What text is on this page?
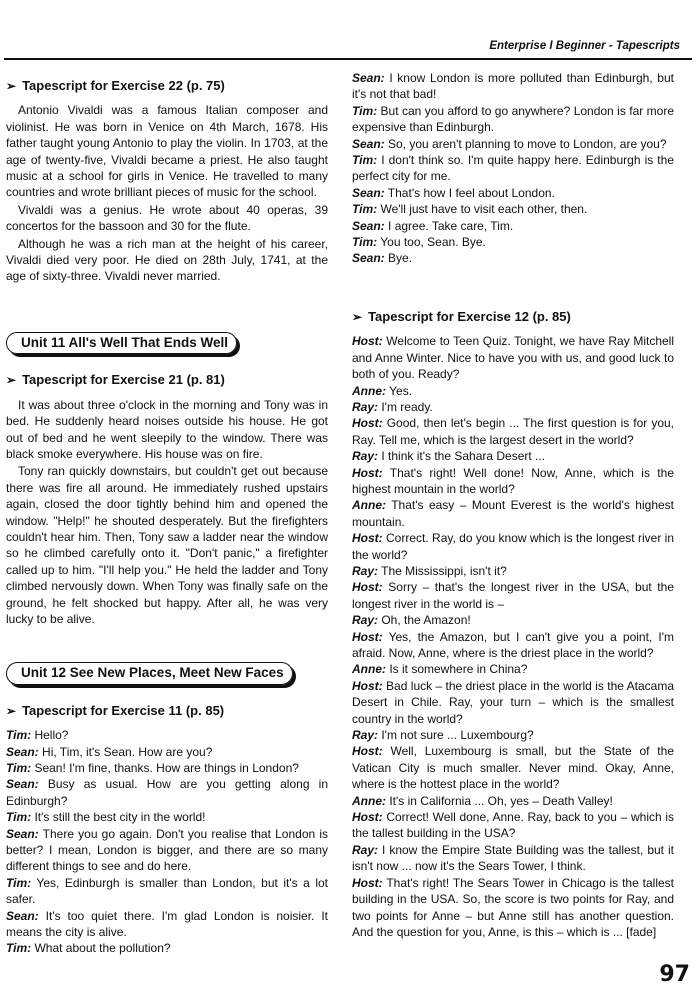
Enterprise I Beginner - Tapescripts
➢ Tapescript for Exercise 22 (p. 75)

Antonio Vivaldi was a famous Italian composer and violinist. He was born in Venice on 4th March, 1678. His father taught young Antonio to play the violin. In 1703, at the age of twenty-five, Vivaldi became a priest. He also taught music at a school for girls in Venice. He travelled to many countries and wrote brilliant pieces of music for the school.

Vivaldi was a genius. He wrote about 40 operas, 39 concertos for the bassoon and 30 for the flute.

Although he was a rich man at the height of his career, Vivaldi died very poor. He died on 28th July, 1741, at the age of sixty-three. Vivaldi never married.

Unit 11 All's Well That Ends Well
➢ Tapescript for Exercise 21 (p. 81)

It was about three o'clock in the morning and Tony was in bed. He suddenly heard noises outside his house. He got out of bed and he went sleepily to the window. There was black smoke everywhere. His house was on fire.

Tony ran quickly downstairs, but couldn't get out because there was fire all around. He immediately rushed upstairs again, closed the door tightly behind him and opened the window. "Help!" he shouted desperately. But the firefighters couldn't hear him. Then, Tony saw a ladder near the window so he climbed carefully onto it. "Don't panic," a firefighter called up to him. "I'll help you." He held the ladder and Tony climbed nervously down. When Tony was finally safe on the ground, he felt shocked but happy. After all, he was very lucky to be alive.

Unit 12 See New Places, Meet New Faces
➢ Tapescript for Exercise 11 (p. 85)

Tim: Hello?

Sean: Hi, Tim, it's Sean. How are you?

Tim: Sean! I'm fine, thanks. How are things in London?

Sean: Busy as usual. How are you getting along in Edinburgh?

Tim: It's still the best city in the world!

Sean: There you go again. Don't you realise that London is better? I mean, London is bigger, and there are so many different things to see and do here.

Tim: Yes, Edinburgh is smaller than London, but it's a lot safer.

Sean: It's too quiet there. I'm glad London is noisier. It means the city is alive.

Tim: What about the pollution?

Sean: I know London is more polluted than Edinburgh, but it's not that bad!

Tim: But can you afford to go anywhere? London is far more expensive than Edinburgh.

Sean: So, you aren't planning to move to London, are you?

Tim: I don't think so. I'm quite happy here. Edinburgh is the perfect city for me.

Sean: That's how I feel about London.

Tim: We'll just have to visit each other, then.

Sean: I agree. Take care, Tim.

Tim: You too, Sean. Bye.

Sean: Bye.

➢ Tapescript for Exercise 12 (p. 85)

Host: Welcome to Teen Quiz. Tonight, we have Ray Mitchell and Anne Winter. Nice to have you with us, and good luck to both of you. Ready?

Anne: Yes.

Ray: I'm ready.

Host: Good, then let's begin ... The first question is for you, Ray. Tell me, which is the largest desert in the world?

Ray: I think it's the Sahara Desert ...

Host: That's right! Well done! Now, Anne, which is the highest mountain in the world?

Anne: That's easy – Mount Everest is the world's highest mountain.

Host: Correct. Ray, do you know which is the longest river in the world?

Ray: The Mississippi, isn't it?

Host: Sorry – that's the longest river in the USA, but the longest river in the world is –

Ray: Oh, the Amazon!

Host: Yes, the Amazon, but I can't give you a point, I'm afraid. Now, Anne, where is the driest place in the world?

Anne: Is it somewhere in China?

Host: Bad luck – the driest place in the world is the Atacama Desert in Chile. Ray, your turn – which is the smallest country in the world?

Ray: I'm not sure ... Luxembourg?

Host: Well, Luxembourg is small, but the State of the Vatican City is much smaller. Never mind. Okay, Anne, where is the hottest place in the world?

Anne: It's in California ... Oh, yes – Death Valley!

Host: Correct! Well done, Anne. Ray, back to you – which is the tallest building in the USA?

Ray: I know the Empire State Building was the tallest, but it isn't now ... now it's the Sears Tower, I think.

Host: That's right! The Sears Tower in Chicago is the tallest building in the USA. So, the score is two points for Ray, and two points for Anne – but Anne still has another question. And the question for you, Anne, is this – which is ... [fade]

97
